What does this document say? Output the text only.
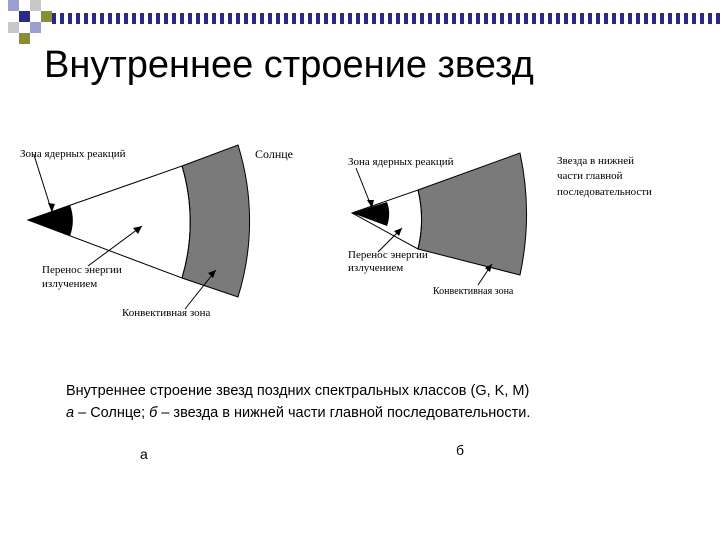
Внутреннее строение звезд
Зона ядерных реакций	Солнце
Перенос энергии
излучением
Конвективная зона
Зона ядерных реакций	Звезда в нижней
части главной
последовательности
Перенос энергии
излучением
Конвективная зона
Внутреннее строение звезд поздних спектральных классов (G, K, M)
а – Солнце; б – звезда в нижней части главной последовательности.
а	б
